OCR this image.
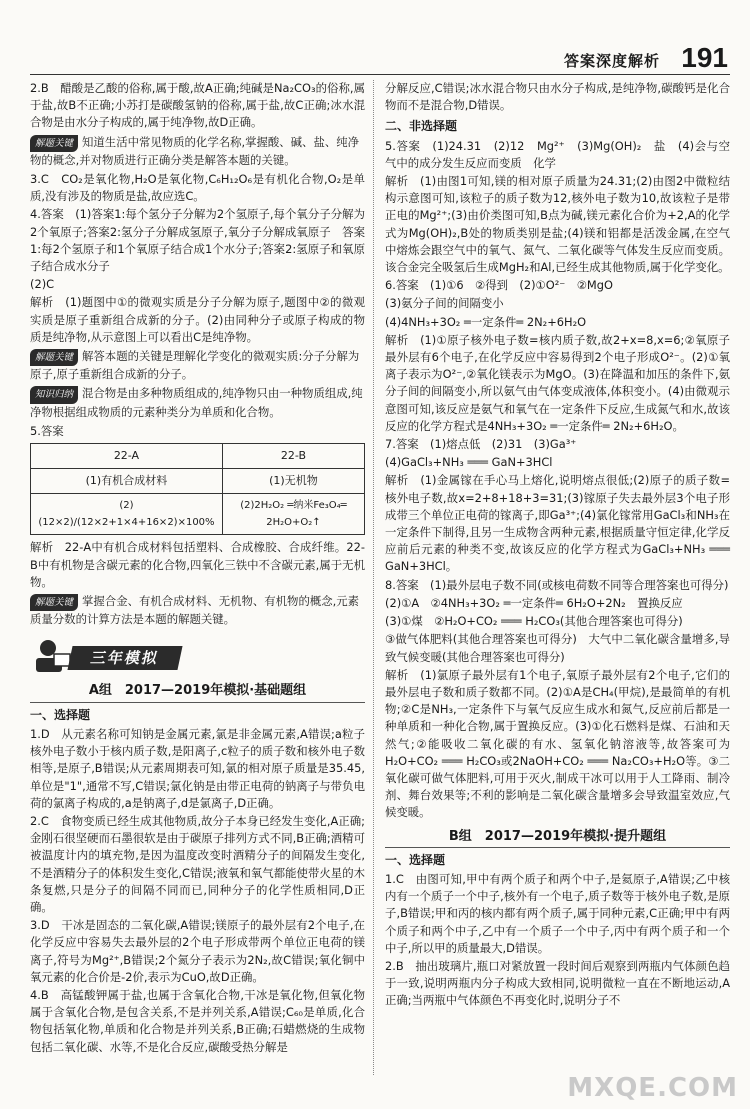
答案深度解析 191
2.B　醋酸是乙酸的俗称,属于酸,故A正确;纯碱是Na₂CO₃的俗称,属于盐,故B不正确;小苏打是碳酸氢钠的俗称,属于盐,故C正确;冰水混合物是由水分子构成的,属于纯净物,故D正确。
解题关键 知道生活中常见物质的化学名称,掌握酸、碱、盐、纯净物的概念,并对物质进行正确分类是解答本题的关键。
3.C　CO₂是氧化物,H₂O是氧化物,C₆H₁₂O₆是有机化合物,O₂是单质,没有涉及的物质是盐,故应选C。
4.答案　(1)答案1:每个氢分子分解为2个氢原子,每个氧分子分解为2个氧原子;答案2:氢分子分解成氢原子,氧分子分解成氧原子　答案1:每2个氢原子和1个氧原子结合成1个水分子;答案2:氢原子和氧原子结合成水分子
(2)C
解析　(1)题图中①的微观实质是分子分解为原子,题图中②的微观实质是原子重新组合成新的分子。(2)由同种分子或原子构成的物质是纯净物,从示意图上可以看出C是纯净物。
解题关键 解答本题的关键是理解化学变化的微观实质:分子分解为原子,原子重新组合成新的分子。
知识归纳 混合物是由多种物质组成的,纯净物只由一种物质组成,纯净物根据组成物质的元素种类分为单质和化合物。
5.答案
22-A	22-B
(1)有机合成材料	(1)无机物
(2)(12×2)/(12×2+1×4+16×2)×100%	(2)2H₂O₂ ═纳米Fe₃O₄═ 2H₂O+O₂↑
解析　22-A中有机合成材料包括塑料、合成橡胶、合成纤维。22-B中有机物是含碳元素的化合物,四氧化三铁中不含碳元素,属于无机物。
解题关键 掌握合金、有机合成材料、无机物、有机物的概念,元素质量分数的计算方法是本题的解题关键。
三年模拟
A组　2017—2019年模拟·基础题组
一、选择题
1.D　从元素名称可知钠是金属元素,氯是非金属元素,A错误;a粒子核外电子数小于核内质子数,是阳离子,c粒子的质子数和核外电子数相等,是原子,B错误;从元素周期表可知,氯的相对原子质量是35.45,单位是"1",通常不写,C错误;氯化钠是由带正电荷的钠离子与带负电荷的氯离子构成的,a是钠离子,d是氯离子,D正确。
2.C　食物变质已经生成其他物质,故分子本身已经发生变化,A正确;金刚石很坚硬而石墨很软是由于碳原子排列方式不同,B正确;酒精可被温度计内的填充物,是因为温度改变时酒精分子的间隔发生变化,不是酒精分子的体积发生变化,C错误;液氧和氧气都能使带火星的木条复燃,只是分子的间隔不同而已,同种分子的化学性质相同,D正确。
3.D　干冰是固态的二氧化碳,A错误;镁原子的最外层有2个电子,在化学反应中容易失去最外层的2个电子形成带两个单位正电荷的镁离子,符号为Mg²⁺,B错误;2个氮分子表示为2N₂,故C错误;氧化铜中氧元素的化合价是-2价,表示为CuO,故D正确。
4.B　高锰酸钾属于盐,也属于含氧化合物,干冰是氧化物,但氧化物属于含氧化合物,是包含关系,不是并列关系,A错误;C₆₀是单质,化合物包括氧化物,单质和化合物是并列关系,B正确;石蜡燃烧的生成物包括二氧化碳、水等,不是化合反应,碳酸受热分解是
分解反应,C错误;冰水混合物只由水分子构成,是纯净物,碳酸钙是化合物而不是混合物,D错误。
二、非选择题
5.答案　(1)24.31　(2)12　Mg²⁺　(3)Mg(OH)₂　盐　(4)会与空气中的成分发生反应而变质　化学
解析　(1)由图1可知,镁的相对原子质量为24.31;(2)由图2中微粒结构示意图可知,该粒子的质子数为12,核外电子数为10,故该粒子是带正电的Mg²⁺;(3)由价类图可知,B点为碱,镁元素化合价为+2,A的化学式为Mg(OH)₂,B处的物质类别是盐;(4)镁和铝都是活泼金属,在空气中熔炼会跟空气中的氧气、氮气、二氧化碳等气体发生反应而变质。该合金完全吸氢后生成MgH₂和Al,已经生成其他物质,属于化学变化。
6.答案　(1)①6　②得到　(2)①O²⁻　②MgO
(3)氨分子间的间隔变小
(4)4NH₃+3O₂ ═一定条件═ 2N₂+6H₂O
解析　(1)①原子核外电子数=核内质子数,故2+x=8,x=6;②氧原子最外层有6个电子,在化学反应中容易得到2个电子形成O²⁻。(2)①氧离子表示为O²⁻,②氧化镁表示为MgO。(3)在降温和加压的条件下,氨分子间的间隔变小,所以氨气由气体变成液体,体积变小。(4)由微观示意图可知,该反应是氨气和氧气在一定条件下反应,生成氮气和水,故该反应的化学方程式是4NH₃+3O₂ ═一定条件═ 2N₂+6H₂O。
7.答案　(1)熔点低　(2)31　(3)Ga³⁺
(4)GaCl₃+NH₃ ═══ GaN+3HCl
解析　(1)金属镓在手心马上熔化,说明熔点很低;(2)原子的质子数=核外电子数,故x=2+8+18+3=31;(3)镓原子失去最外层3个电子形成带三个单位正电荷的镓离子,即Ga³⁺;(4)氯化镓常用GaCl₃和NH₃在一定条件下制得,且另一生成物含两种元素,根据质量守恒定律,化学反应前后元素的种类不变,故该反应的化学方程式为GaCl₃+NH₃ ═══ GaN+3HCl。
8.答案　(1)最外层电子数不同(或核电荷数不同等合理答案也可得分)
(2)①A　②4NH₃+3O₂ ═一定条件═ 6H₂O+2N₂　置换反应
(3)①煤　②H₂O+CO₂ ═══ H₂CO₃(其他合理答案也可得分)
③做气体肥料(其他合理答案也可得分)　大气中二氧化碳含量增多,导致气候变暖(其他合理答案也可得分)
解析　(1)氯原子最外层有1个电子,氧原子最外层有2个电子,它们的最外层电子数和质子数都不同。(2)①A是CH₄(甲烷),是最简单的有机物;②C是NH₃,一定条件下与氧气反应生成水和氮气,反应前后都是一种单质和一种化合物,属于置换反应。(3)①化石燃料是煤、石油和天然气;②能吸收二氧化碳的有水、氢氧化钠溶液等,故答案可为H₂O+CO₂ ═══ H₂CO₃或2NaOH+CO₂ ═══ Na₂CO₃+H₂O等。③二氧化碳可做气体肥料,可用于灭火,制成干冰可以用于人工降雨、制冷剂、舞台效果等;不利的影响是二氧化碳含量增多会导致温室效应,气候变暖。
B组　2017—2019年模拟·提升题组
一、选择题
1.C　由图可知,甲中有两个质子和两个中子,是氦原子,A错误;乙中核内有一个质子一个中子,核外有一个电子,质子数等于核外电子数,是原子,B错误;甲和丙的核内都有两个质子,属于同种元素,C正确;甲中有两个质子和两个中子,乙中有一个质子一个中子,丙中有两个质子和一个中子,所以甲的质量最大,D错误。
2.B　抽出玻璃片,瓶口对紧放置一段时间后观察到两瓶内气体颜色趋于一致,说明两瓶内分子构成大致相同,说明微粒一直在不断地运动,A正确;当两瓶中气体颜色不再变化时,说明分子不
MXQE.COM
